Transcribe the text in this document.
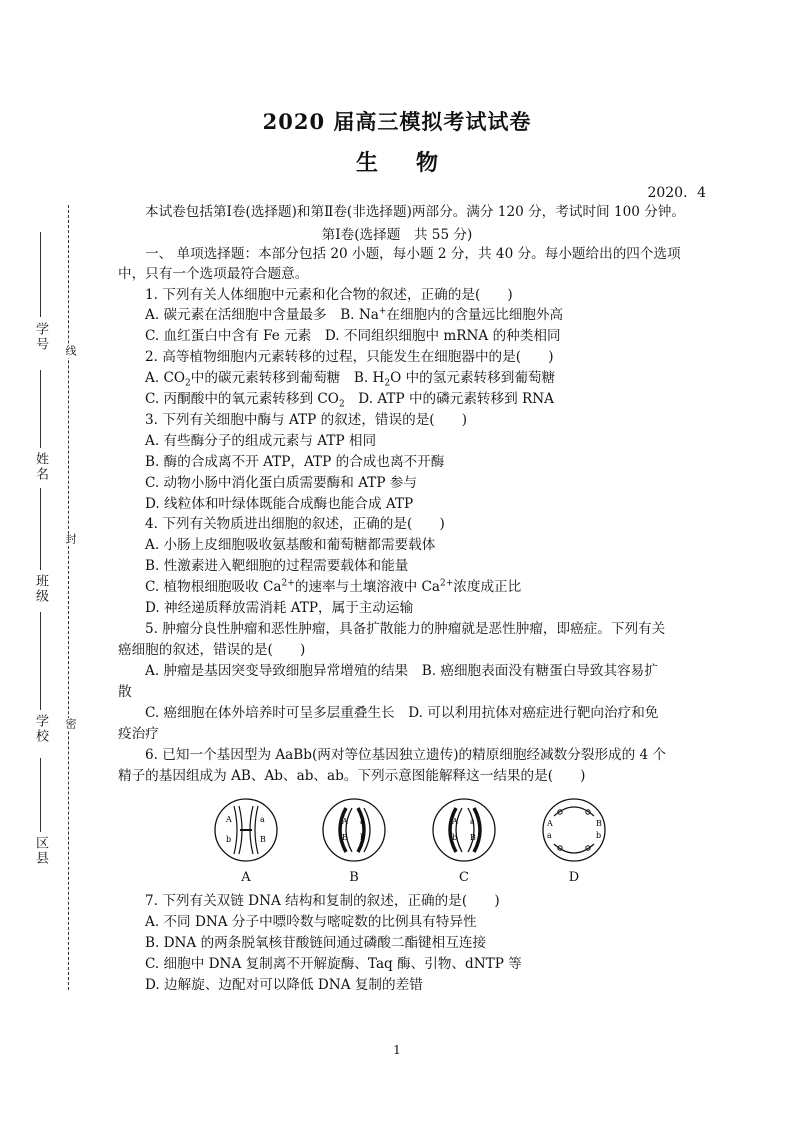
2020 届高三模拟考试试卷
生物
2020．4
学号
姓名
班级
学校
区县
线
封
密
本试卷包括第Ⅰ卷(选择题)和第Ⅱ卷(非选择题)两部分。满分 120 分，考试时间 100 分钟。
第Ⅰ卷(选择题　共 55 分)
一、 单项选择题：本部分包括 20 小题，每小题 2 分，共 40 分。每小题给出的四个选项
中，只有一个选项最符合题意。
1. 下列有关人体细胞中元素和化合物的叙述，正确的是(　　)
A. 碳元素在活细胞中含量最多　 B. Na+在细胞内的含量远比细胞外高
C. 血红蛋白中含有 Fe 元素　 D. 不同组织细胞中 mRNA 的种类相同
2. 高等植物细胞内元素转移的过程，只能发生在细胞器中的是(　　)
A. $CO_2$中的碳元素转移到葡萄糖　 B. $H_2O$ 中的氢元素转移到葡萄糖
C. 丙酮酸中的氧元素转移到 $CO_2$　 D. ATP 中的磷元素转移到 RNA
3. 下列有关细胞中酶与 ATP 的叙述，错误的是(　　)
A. 有些酶分子的组成元素与 ATP 相同
B. 酶的合成离不开 ATP，ATP 的合成也离不开酶
C. 动物小肠中消化蛋白质需要酶和 ATP 参与
D. 线粒体和叶绿体既能合成酶也能合成 ATP
4. 下列有关物质进出细胞的叙述，正确的是(　　)
A. 小肠上皮细胞吸收氨基酸和葡萄糖都需要载体
B. 性激素进入靶细胞的过程需要载体和能量
C. 植物根细胞吸收 $Ca^{2+}$的速率与土壤溶液中 $Ca^{2+}$浓度成正比
D. 神经递质释放需消耗 ATP，属于主动运输
5. 肿瘤分良性肿瘤和恶性肿瘤，具备扩散能力的肿瘤就是恶性肿瘤，即癌症。下列有关
癌细胞的叙述，错误的是(　　)
A. 肿瘤是基因突变导致细胞异常增殖的结果　B. 癌细胞表面没有糖蛋白导致其容易扩
散
C. 癌细胞在体外培养时可呈多层重叠生长　D. 可以利用抗体对癌症进行靶向治疗和免
疫治疗
6. 已知一个基因型为 AaBb(两对等位基因独立遗传)的精原细胞经减数分裂形成的 4 个
精子的基因组成为 AB、Ab、ab、ab。下列示意图能解释这一结果的是(　　)
A	a
b	B
A a
B b
A a
b B
A
a
B
b
A	B	C	D
7. 下列有关双链 DNA 结构和复制的叙述，正确的是(　　)
A. 不同 DNA 分子中嘌呤数与嘧啶数的比例具有特异性
B. DNA 的两条脱氧核苷酸链间通过磷酸二酯键相互连接
C. 细胞中 DNA 复制离不开解旋酶、Taq 酶、引物、dNTP 等
D. 边解旋、边配对可以降低 DNA 复制的差错
1
